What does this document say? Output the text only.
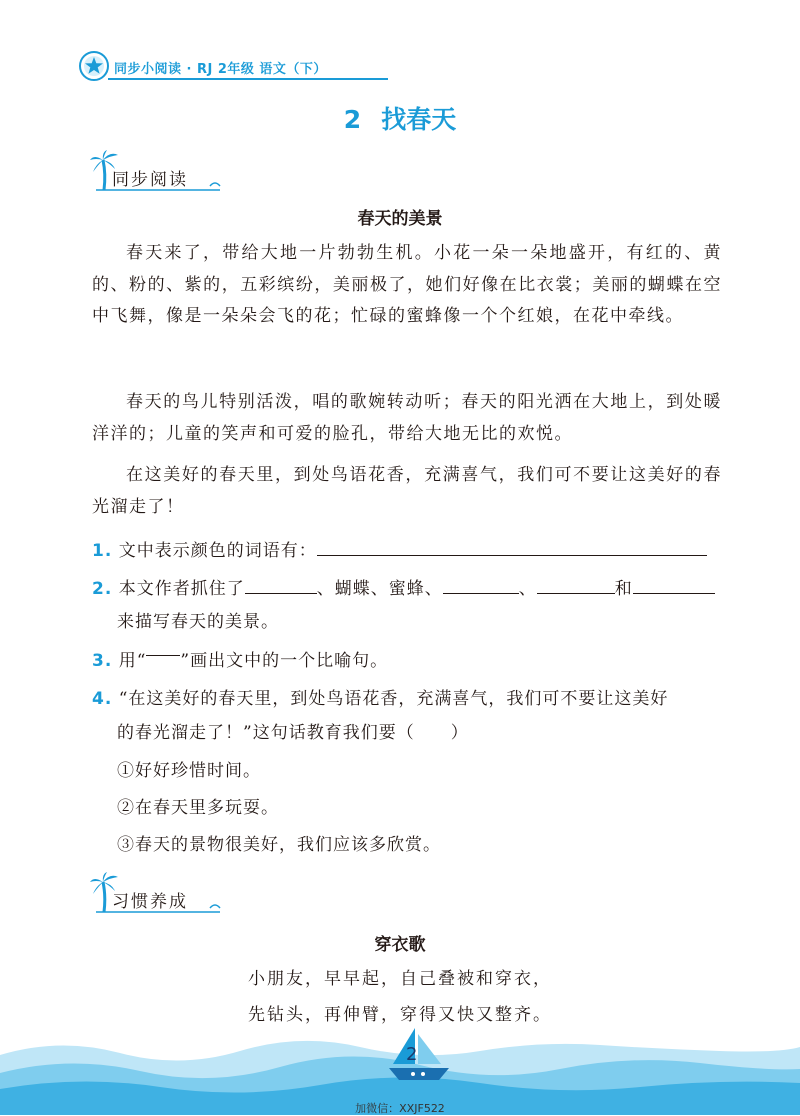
同步小阅读 · RJ 2年级 语文（下）
2 找春天
同步阅读
春天的美景
春天来了，带给大地一片勃勃生机。小花一朵一朵地盛开，有红的、黄的、粉的、紫的，五彩缤纷，美丽极了，她们好像在比衣裳；美丽的蝴蝶在空中飞舞，像是一朵朵会飞的花；忙碌的蜜蜂像一个个红娘，在花中牵线。
春天的鸟儿特别活泼，唱的歌婉转动听；春天的阳光洒在大地上，到处暖洋洋的；儿童的笑声和可爱的脸孔，带给大地无比的欢悦。
在这美好的春天里，到处鸟语花香，充满喜气，我们可不要让这美好的春光溜走了！
1. 文中表示颜色的词语有：
2. 本文作者抓住了	、蝴蝶、蜜蜂、	、	和
来描写春天的美景。
3. 用“ ”画出文中的一个比喻句。
4. “在这美好的春天里，到处鸟语花香，充满喜气，我们可不要让这美好
的春光溜走了！”这句话教育我们要（　　）
①好好珍惜时间。
②在春天里多玩耍。
③春天的景物很美好，我们应该多欣赏。
习惯养成
穿衣歌
小朋友，早早起，自己叠被和穿衣，
先钻头，再伸臂，穿得又快又整齐。
2
加微信：XXJF522
